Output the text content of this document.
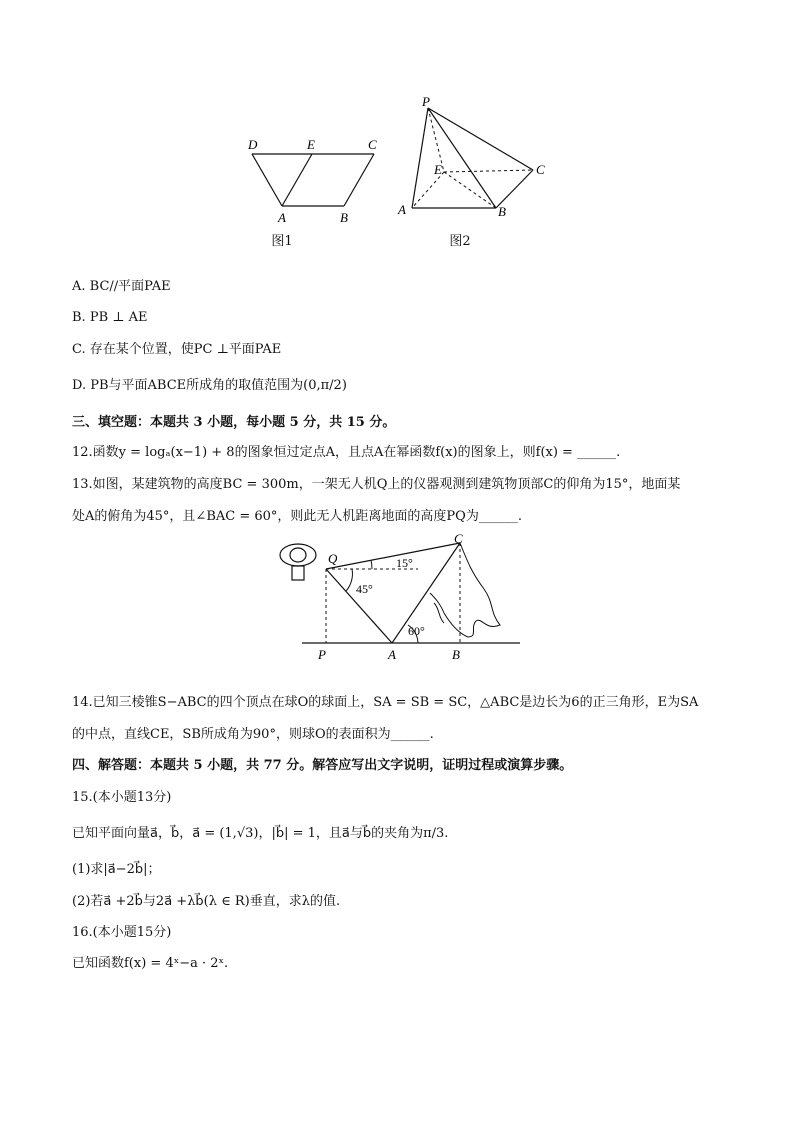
D	E	C
A	B
图1
P
E	C
A	B
图2
A. BC//平面PAE
B. PB ⊥ AE
C. 存在某个位置，使PC ⊥平面PAE
D. PB与平面ABCE所成角的取值范围为(0,π/2)
三、填空题：本题共 3 小题，每小题 5 分，共 15 分。
12.函数y = logₐ(x−1) + 8的图象恒过定点A，且点A在幂函数f(x)的图象上，则f(x) = ______.
13.如图，某建筑物的高度BC = 300m，一架无人机Q上的仪器观测到建筑物顶部C的仰角为15°，地面某
处A的俯角为45°，且∠BAC = 60°，则此无人机距离地面的高度PQ为______.
Q
C
P	A	B
15°
45°
60°
14.已知三棱锥S−ABC的四个顶点在球O的球面上，SA = SB = SC，△ABC是边长为6的正三角形，E为SA
的中点，直线CE，SB所成角为90°，则球O的表面积为______.
四、解答题：本题共 5 小题，共 77 分。解答应写出文字说明，证明过程或演算步骤。
15.(本小题13分)
已知平面向量a⃗，b⃗，a⃗ = (1,√3)，|b⃗| = 1，且a⃗与b⃗的夹角为π/3.
(1)求|a⃗−2b⃗|；
(2)若a⃗ +2b⃗与2a⃗ +λb⃗(λ ∈ R)垂直，求λ的值.
16.(本小题15分)
已知函数f(x) = 4ˣ−a · 2ˣ.
